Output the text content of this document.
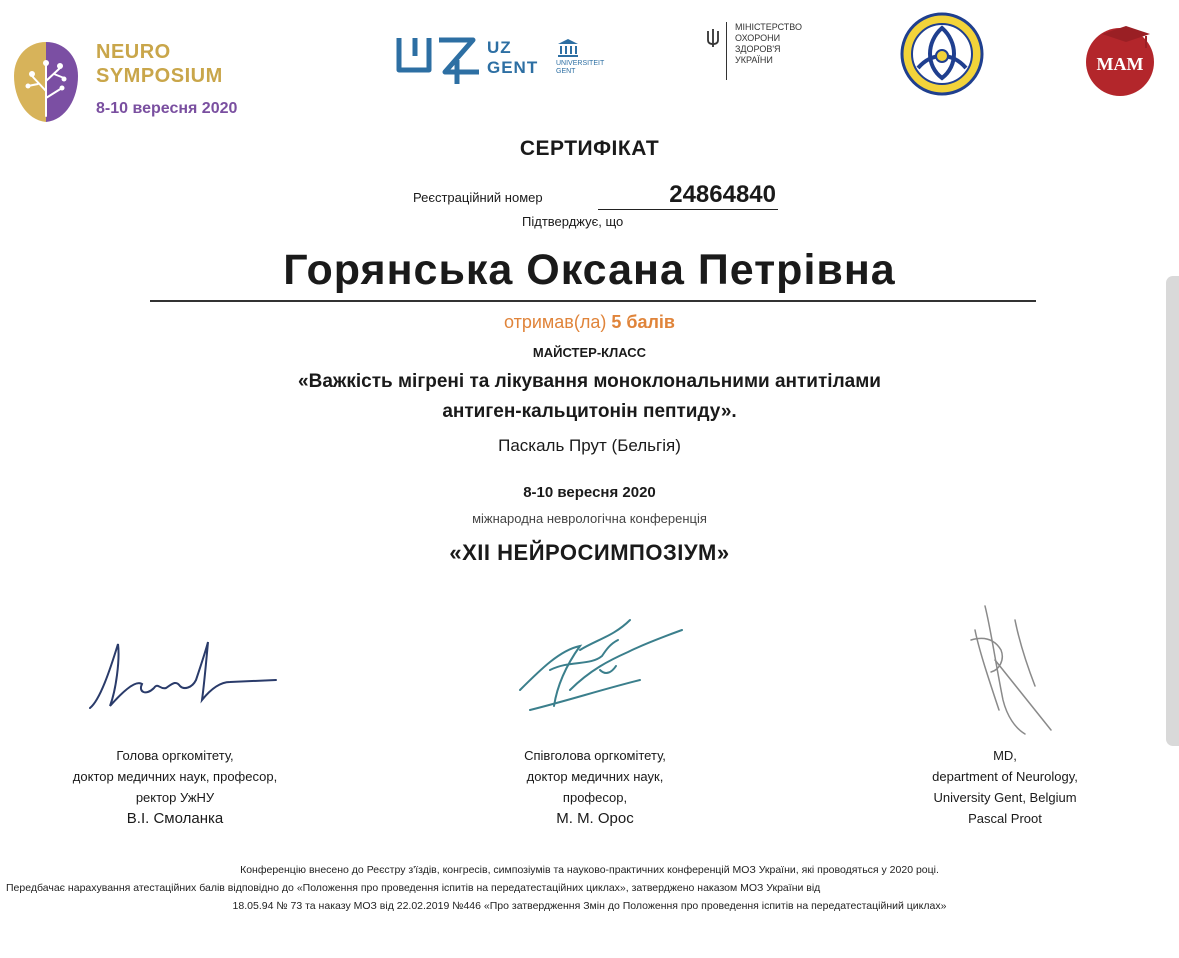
NEURO
SYMPOSIUM
8-10 вересня 2020
UZ
GENT	UNIVERSITEIT
GENT
МІНІСТЕРСТВО
ОХОРОНИ
ЗДОРОВ'Я
УКРАЇНИ	MAM
СЕРТИФІКАТ
Реєстраційний номер	24864840
Підтверджує, що
Горянська Оксана Петрівна
отримав(ла) 5 балів
МАЙСТЕР-КЛАСС
«Важкість мігрені та лікування моноклональними антитілами
антиген-кальцитонін пептиду».
Паскаль Прут (Бельгія)
8-10 вересня 2020
міжнародна неврологічна конференція
«XII НЕЙРОСИМПОЗІУМ»
Голова оргкомітету,
доктор медичних наук, професор,
ректор УжНУ
В.І. Смоланка
Співголова оргкомітету,
доктор медичних наук,
професор,
М. М. Орос
MD,
department of Neurology,
University Gent, Belgium
Pascal Proot
Конференцію внесено до Реєстру з'їздів, конгресів, симпозіумів та науково-практичних конференцій МОЗ України, які проводяться у 2020 році.
Передбачає нарахування атестаційних балів відповідно до «Положення про проведення іспитів на передатестаційних циклах», затверджено наказом МОЗ України від
18.05.94 № 73 та наказу МОЗ від 22.02.2019 №446 «Про затвердження Змін до Положення про проведення іспитів на передатестаційний циклах»
